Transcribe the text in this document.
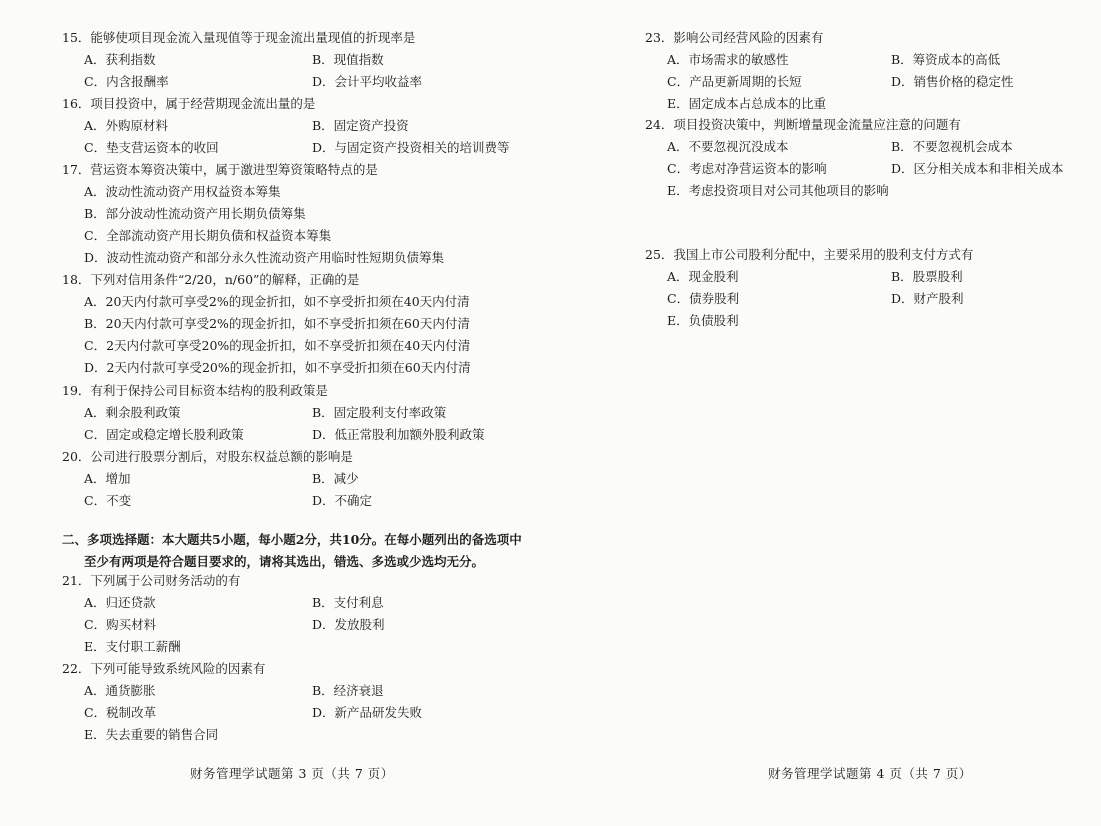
15．能够使项目现金流入量现值等于现金流出量现值的折现率是

A．获利指数	B．现值指数
C．内含报酬率	D．会计平均收益率

16．项目投资中，属于经营期现金流出量的是

A．外购原材料	B．固定资产投资
C．垫支营运资本的收回	D．与固定资产投资相关的培训费等

17．营运资本筹资决策中，属于激进型筹资策略特点的是

A．波动性流动资产用权益资本筹集
B．部分波动性流动资产用长期负债筹集
C．全部流动资产用长期负债和权益资本筹集
D．波动性流动资产和部分永久性流动资产用临时性短期负债筹集

18．下列对信用条件“2/20，n/60”的解释，正确的是

A．20天内付款可享受2%的现金折扣，如不享受折扣须在40天内付清
B．20天内付款可享受2%的现金折扣，如不享受折扣须在60天内付清
C．2天内付款可享受20%的现金折扣，如不享受折扣须在40天内付清
D．2天内付款可享受20%的现金折扣，如不享受折扣须在60天内付清

19．有利于保持公司目标资本结构的股利政策是

A．剩余股利政策	B．固定股利支付率政策
C．固定或稳定增长股利政策	D．低正常股利加额外股利政策

20．公司进行股票分割后，对股东权益总额的影响是

A．增加	B．减少
C．不变	D．不确定
二、多项选择题：本大题共5小题，每小题2分，共10分。在每小题列出的备选项中
至少有两项是符合题目要求的，请将其选出，错选、多选或少选均无分。

21．下列属于公司财务活动的有

A．归还贷款	B．支付利息
C．购买材料	D．发放股利
E．支付职工薪酬

22．下列可能导致系统风险的因素有

A．通货膨胀	B．经济衰退
C．税制改革	D．新产品研发失败
E．失去重要的销售合同
财务管理学试题第 3 页（共 7 页）

23．影响公司经营风险的因素有

A．市场需求的敏感性	B．筹资成本的高低
C．产品更新周期的长短	D．销售价格的稳定性
E．固定成本占总成本的比重

24．项目投资决策中，判断增量现金流量应注意的问题有

A．不要忽视沉没成本	B．不要忽视机会成本
C．考虑对净营运资本的影响	D．区分相关成本和非相关成本
E．考虑投资项目对公司其他项目的影响

25．我国上市公司股利分配中，主要采用的股利支付方式有

A．现金股利	B．股票股利
C．债券股利	D．财产股利
E．负债股利
财务管理学试题第 4 页（共 7 页）
